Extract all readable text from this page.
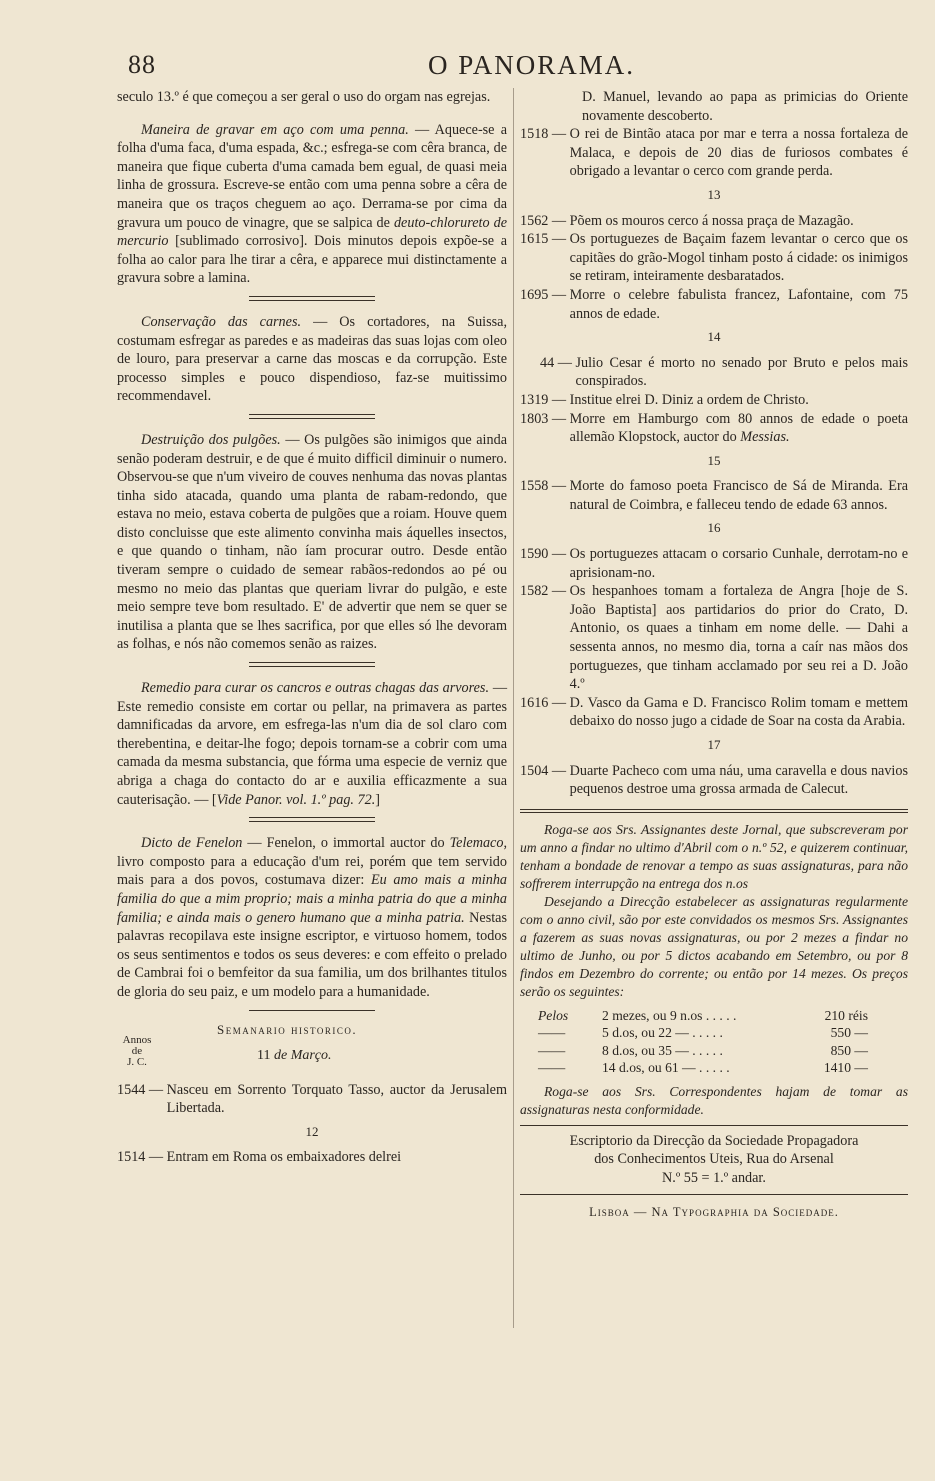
88	O PANORAMA.

seculo 13.º é que começou a ser geral o uso do orgam nas egrejas.

Maneira de gravar em aço com uma penna. — Aquece-se a folha d'uma faca, d'uma espada, &c.; esfrega-se com cêra branca, de maneira que fique cuberta d'uma camada bem egual, de quasi meia linha de grossura. Escreve-se então com uma penna sobre a cêra de maneira que os traços cheguem ao aço. Derrama-se por cima da gravura um pouco de vinagre, que se salpica de deuto-chlorureto de mercurio [sublimado corrosivo]. Dois minutos depois expõe-se a folha ao calor para lhe tirar a cêra, e apparece mui distinctamente a gravura sobre a lamina.

Conservação das carnes. — Os cortadores, na Suissa, costumam esfregar as paredes e as madeiras das suas lojas com oleo de louro, para preservar a carne das moscas e da corrupção. Este processo simples e pouco dispendioso, faz-se muitissimo recommendavel.

Destruição dos pulgões. — Os pulgões são inimigos que ainda senão poderam destruir, e de que é muito difficil diminuir o numero. Observou-se que n'um viveiro de couves nenhuma das novas plantas tinha sido atacada, quando uma planta de rabam-redondo, que estava no meio, estava coberta de pulgões que a roiam. Houve quem disto concluisse que este alimento convinha mais áquelles insectos, e que quando o tinham, não íam procurar outro. Desde então tiveram sempre o cuidado de semear rabãos-redondos ao pé ou mesmo no meio das plantas que queriam livrar do pulgão, e este meio sempre teve bom resultado. E' de advertir que nem se quer se inutilisa a planta que se lhes sacrifica, por que elles só lhe devoram as folhas, e nós não comemos senão as raizes.

Remedio para curar os cancros e outras chagas das arvores. — Este remedio consiste em cortar ou pellar, na primavera as partes damnificadas da arvore, em esfrega-las n'um dia de sol claro com therebentina, e deitar-lhe fogo; depois tornam-se a cobrir com uma camada da mesma substancia, que fórma uma especie de verniz que abriga a chaga do contacto do ar e auxilia efficazmente a sua cauterisação. — [Vide Panor. vol. 1.º pag. 72.]

Dicto de Fenelon — Fenelon, o immortal auctor do Telemaco, livro composto para a educação d'um rei, porém que tem servido mais para a dos povos, costumava dizer: Eu amo mais a minha familia do que a mim proprio; mais a minha patria do que a minha familia; e ainda mais o genero humano que a minha patria. Nestas palavras recopilava este insigne escriptor, e virtuoso homem, todos os seus sentimentos e todos os seus deveres: e com effeito o prelado de Cambrai foi o bemfeitor da sua familia, um dos brilhantes titulos de gloria do seu paiz, e um modelo para a humanidade.

Semanario historico.
Annos
de
J. C.	11 de Março.
1544 — Nasceu em Sorrento Torquato Tasso, auctor da Jerusalem Libertada.
12
1514 — Entram em Roma os embaixadores delrei

D. Manuel, levando ao papa as primicias do Oriente novamente descoberto.

1518 — O rei de Bintão ataca por mar e terra a nossa fortaleza de Malaca, e depois de 20 dias de furiosos combates é obrigado a levantar o cerco com grande perda.
13
1562 — Põem os mouros cerco á nossa praça de Mazagão.
1615 — Os portuguezes de Baçaim fazem levantar o cerco que os capitães do grão-Mogol tinham posto á cidade: os inimigos se retiram, inteiramente desbaratados.
1695 — Morre o celebre fabulista francez, Lafontaine, com 75 annos de edade.
14
44 — Julio Cesar é morto no senado por Bruto e pelos mais conspirados.
1319 — Institue elrei D. Diniz a ordem de Christo.
1803 — Morre em Hamburgo com 80 annos de edade o poeta allemão Klopstock, auctor do Messias.
15
1558 — Morte do famoso poeta Francisco de Sá de Miranda. Era natural de Coimbra, e falleceu tendo de edade 63 annos.
16
1590 — Os portuguezes attacam o corsario Cunhale, derrotam-no e aprisionam-no.
1582 — Os hespanhoes tomam a fortaleza de Angra [hoje de S. João Baptista] aos partidarios do prior do Crato, D. Antonio, os quaes a tinham em nome delle. — Dahi a sessenta annos, no mesmo dia, torna a caír nas mãos dos portuguezes, que tinham acclamado por seu rei a D. João 4.º
1616 — D. Vasco da Gama e D. Francisco Rolim tomam e mettem debaixo do nosso jugo a cidade de Soar na costa da Arabia.
17
1504 — Duarte Pacheco com uma náu, uma caravella e dous navios pequenos destroe uma grossa armada de Calecut.

Roga-se aos Srs. Assignantes deste Jornal, que subscreveram por um anno a findar no ultimo d'Abril com o n.º 52, e quizerem continuar, tenham a bondade de renovar a tempo as suas assignaturas, para não soffrerem interrupção na entrega dos n.os

Desejando a Direcção estabelecer as assignaturas regularmente com o anno civil, são por este convidados os mesmos Srs. Assignantes a fazerem as suas novas assignaturas, ou por 2 mezes a findar no ultimo de Junho, ou por 5 dictos acabando em Setembro, ou por 8 findos em Dezembro do corrente; ou então por 14 mezes. Os preços serão os seguintes:

Pelos	2 mezes, ou 9 n.os . . . . .	210 réis
——	5 d.os, ou 22 — . . . . .	550 —
——	8 d.os, ou 35 — . . . . .	850 —
——	14 d.os, ou 61 — . . . . .	1410 —

Roga-se aos Srs. Correspondentes hajam de tomar as assignaturas nesta conformidade.

Escriptorio da Direcção da Sociedade Propagadora
dos Conhecimentos Uteis, Rua do Arsenal
N.º 55 = 1.º andar.
Lisboa — Na Typographia da Sociedade.
